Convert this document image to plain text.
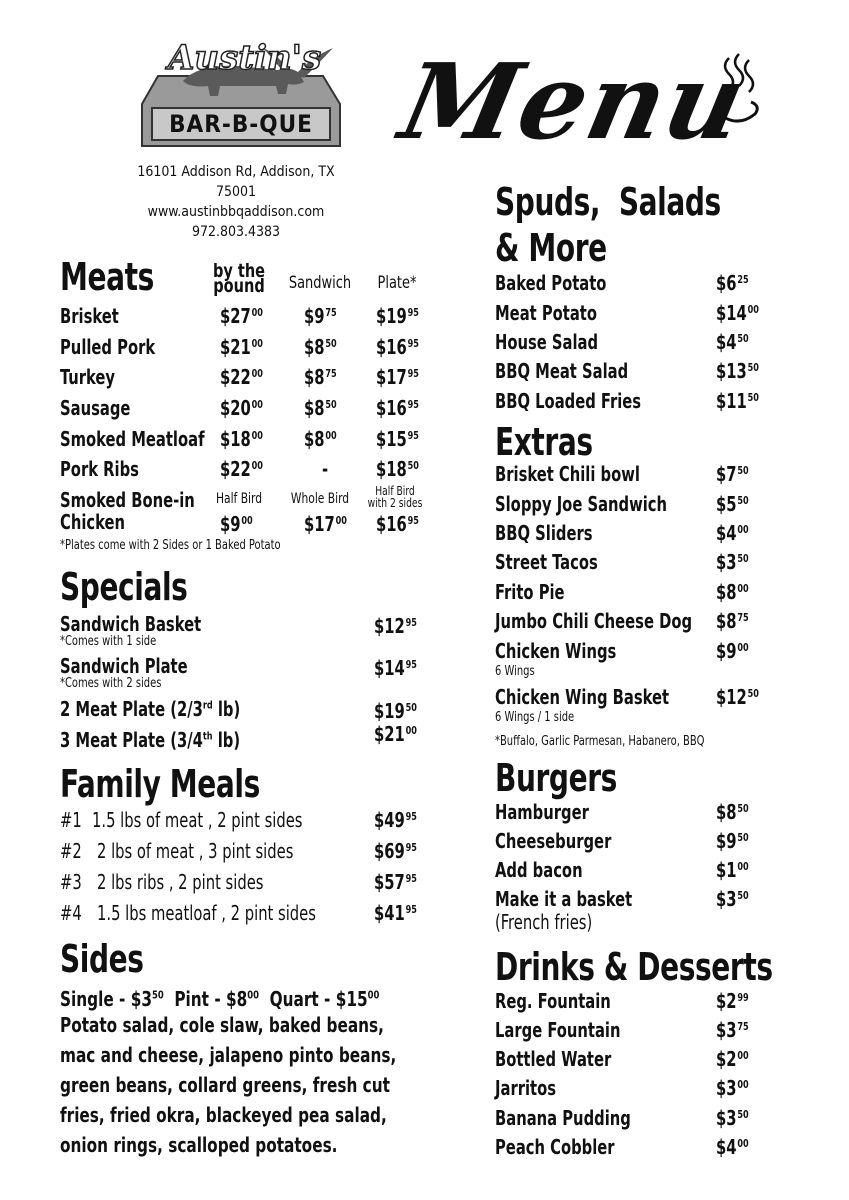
Austin's
BAR-B-QUE
16101 Addison Rd, Addison, TX 75001
www.austinbbqaddison.com
972.803.4383
Menu
Meats	by the pound	Sandwich	Plate*
Brisket	$\$27^{00}$ $\$9^{75}$ $\$19^{95}$
Pulled Pork	$\$21^{00}$ $\$8^{50}$ $\$16^{95}$
Turkey	$\$22^{00}$ $\$8^{75}$ $\$17^{95}$
Sausage	$\$20^{00}$ $\$8^{50}$ $\$16^{95}$
Smoked Meatloaf $\$18^{00}$ $\$8^{00}$ $\$15^{95}$
Pork Ribs	$\$22^{00}$	- $\$18^{50}$
Smoked Bone-in
Chicken
Half Bird	Whole Bird	Half Bird
with 2 sides
$\$9^{00}$	$\$17^{00}$ $\$16^{95}$
*Plates come with 2 Sides or 1 Baked Potato
Specials
Sandwich Basket
*Comes with 1 side
$\$12^{95}$
Sandwich Plate
*Comes with 2 sides
$\$14^{95}$
2 Meat Plate (2/3rd lb)	$\$19^{50}$
3 Meat Plate (3/4th lb)	$\$21^{00}$
Family Meals
#1 1.5 lbs of meat , 2 pint sides	$\$49^{95}$
#2 2 lbs of meat , 3 pint sides	$\$69^{95}$
#3 2 lbs ribs , 2 pint sides	$\$57^{95}$
#4 1.5 lbs meatloaf , 2 pint sides	$\$41^{95}$
Sides
Single - $\$3^{50}$ Pint - $\$8^{00}$ Quart - $\$15^{00}$
Potato salad, cole slaw, baked beans,
mac and cheese, jalapeno pinto beans,
green beans, collard greens, fresh cut
fries, fried okra, blackeyed pea salad,
onion rings, scalloped potatoes.
Spuds,  Salads
& More
Baked Potato	$\$6^{25}$
Meat Potato	$\$14^{00}$
House Salad	$\$4^{50}$
BBQ Meat Salad	$\$13^{50}$
BBQ Loaded Fries	$\$11^{50}$
Extras
Brisket Chili bowl	$\$7^{50}$
Sloppy Joe Sandwich $\$5^{50}$
BBQ Sliders	$\$4^{00}$
Street Tacos	$\$3^{50}$
Frito Pie	$\$8^{00}$
Jumbo Chili Cheese Dog $\$8^{75}$
Chicken Wings	$\$9^{00}$
6 Wings
Chicken Wing Basket $\$12^{50}$
6 Wings / 1 side
*Buffalo, Garlic Parmesan, Habanero, BBQ
Burgers
Hamburger	$\$8^{50}$
Cheeseburger	$\$9^{50}$
Add bacon	$\$1^{00}$
Make it a basket	$\$3^{50}$
(French fries)
Drinks & Desserts
Reg. Fountain	$\$2^{99}$
Large Fountain	$\$3^{75}$
Bottled Water	$\$2^{00}$
Jarritos	$\$3^{00}$
Banana Pudding	$\$3^{50}$
Peach Cobbler	$\$4^{00}$
